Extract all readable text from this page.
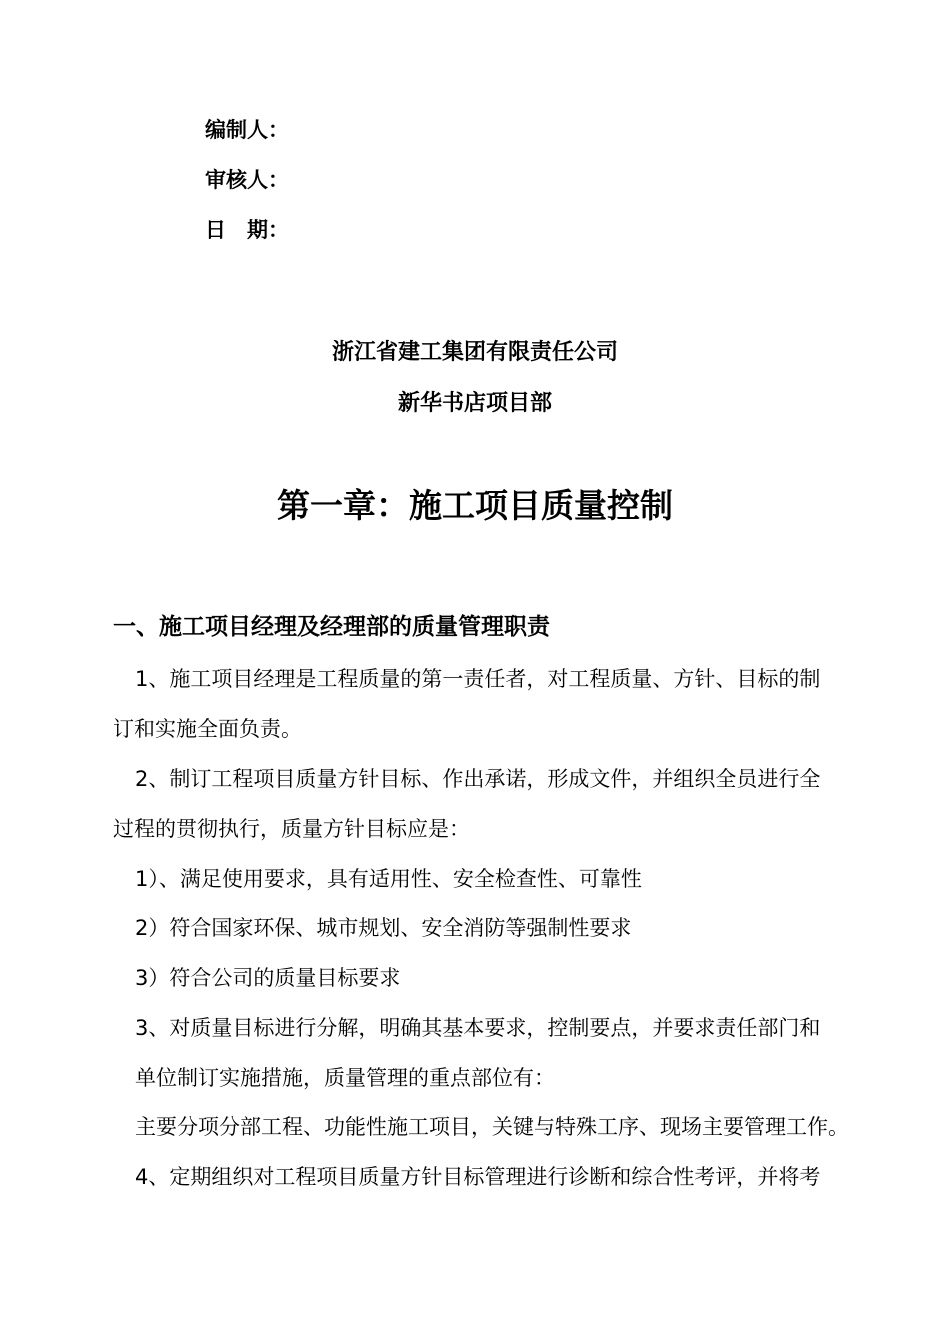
编制人：
审核人：
日　期：
浙江省建工集团有限责任公司
新华书店项目部
第一章：施工项目质量控制
一、施工项目经理及经理部的质量管理职责
1、施工项目经理是工程质量的第一责任者，对工程质量、方针、目标的制
订和实施全面负责。
2、制订工程项目质量方针目标、作出承诺，形成文件，并组织全员进行全
过程的贯彻执行，质量方针目标应是：
1）、满足使用要求，具有适用性、安全检查性、可靠性
2）符合国家环保、城市规划、安全消防等强制性要求
3）符合公司的质量目标要求
3、对质量目标进行分解，明确其基本要求，控制要点，并要求责任部门和
单位制订实施措施，质量管理的重点部位有：
主要分项分部工程、功能性施工项目，关键与特殊工序、现场主要管理工作。
4、定期组织对工程项目质量方针目标管理进行诊断和综合性考评，并将考
